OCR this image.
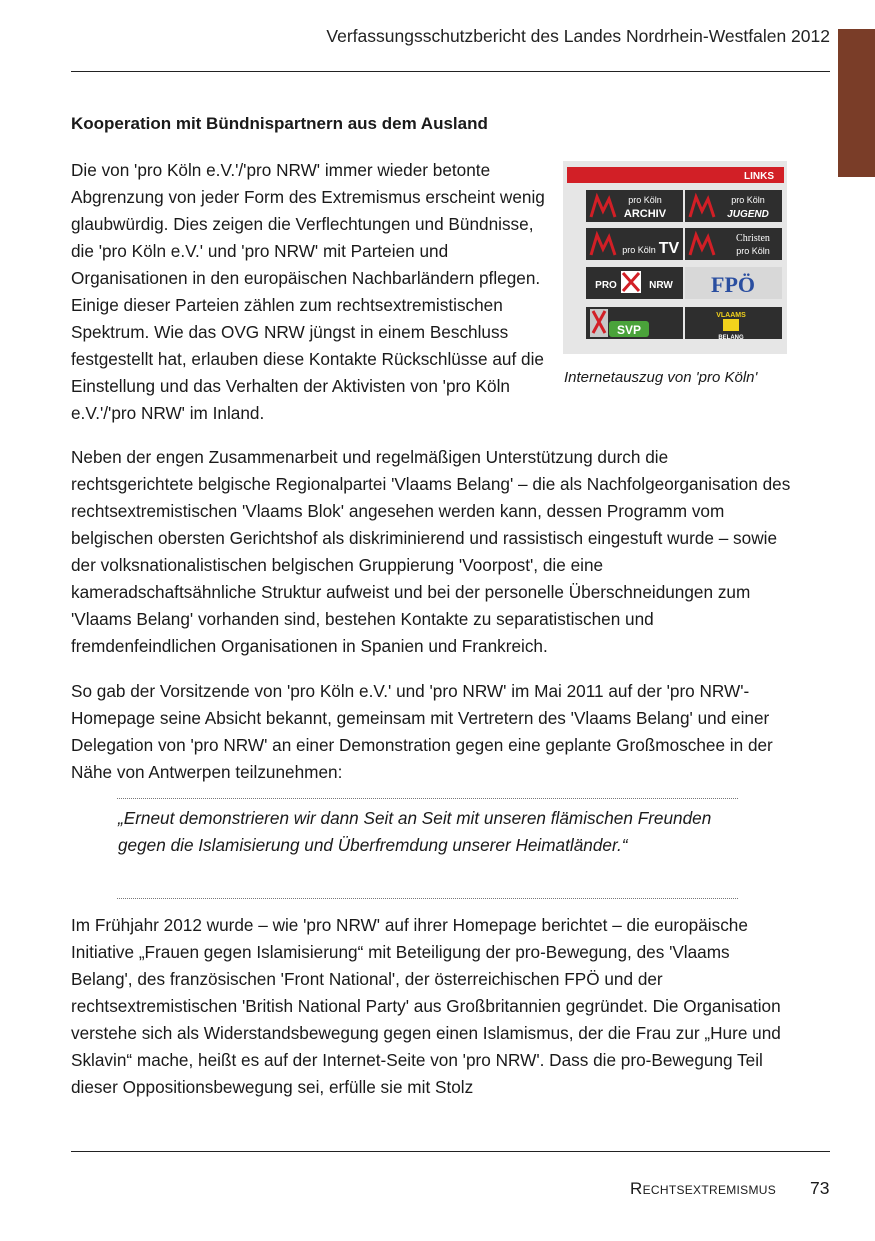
Verfassungsschutzbericht des Landes Nordrhein-Westfalen 2012
Kooperation mit Bündnispartnern aus dem Ausland

Die von 'pro Köln e.V.'/'pro NRW' immer wieder betonte Abgrenzung von jeder Form des Extremismus erscheint wenig glaubwürdig. Dies zeigen die Verflechtungen und Bündnisse, die 'pro Köln e.V.' und 'pro NRW' mit Parteien und Organisationen in den europäischen Nachbarländern pflegen. Einige dieser Parteien zählen zum rechtsextremistischen Spektrum. Wie das OVG NRW jüngst in einem Beschluss festgestellt hat, erlauben diese Kontakte Rückschlüsse auf die Einstellung und das Verhalten der Aktivisten von 'pro Köln e.V.'/'pro NRW' im Inland.

LINKS
pro Köln
ARCHIV
pro Köln
JUGEND
pro Köln TV
Christen
pro Köln
PRO	NRW FPÖ
SVP
VLAAMS
BELANG
Internetauszug von 'pro Köln'

Neben der engen Zusammenarbeit und regelmäßigen Unterstützung durch die rechtsgerichtete belgische Regionalpartei 'Vlaams Belang' – die als Nachfolgeorganisation des rechtsextremistischen 'Vlaams Blok' angesehen werden kann, dessen Programm vom belgischen obersten Gerichtshof als diskriminierend und rassistisch eingestuft wurde – sowie der volksnationalistischen belgischen Gruppierung 'Voorpost', die eine kameradschaftsähnliche Struktur aufweist und bei der personelle Überschneidungen zum 'Vlaams Belang' vorhanden sind, bestehen Kontakte zu separatistischen und fremdenfeindlichen Organisationen in Spanien und Frankreich.

So gab der Vorsitzende von 'pro Köln e.V.' und 'pro NRW' im Mai 2011 auf der 'pro NRW'-Homepage seine Absicht bekannt, gemeinsam mit Vertretern des 'Vlaams Belang' und einer Delegation von 'pro NRW' an einer Demonstration gegen eine geplante Großmoschee in der Nähe von Antwerpen teilzunehmen:

„Erneut demonstrieren wir dann Seit an Seit mit unseren flämischen Freunden gegen die Islamisierung und Überfremdung unserer Heimatländer.“

Im Frühjahr 2012 wurde – wie 'pro NRW' auf ihrer Homepage berichtet – die europäische Initiative „Frauen gegen Islamisierung“ mit Beteiligung der pro-Bewegung, des 'Vlaams Belang', des französischen 'Front National', der österreichischen FPÖ und der rechtsextremistischen 'British National Party' aus Großbritannien gegründet. Die Organisation verstehe sich als Widerstandsbewegung gegen einen Islamismus, der die Frau zur „Hure und Sklavin“ mache, heißt es auf der Internet-Seite von 'pro NRW'. Dass die pro-Bewegung Teil dieser Oppositionsbewegung sei, erfülle sie mit Stolz

Rechtsextremismus 73
